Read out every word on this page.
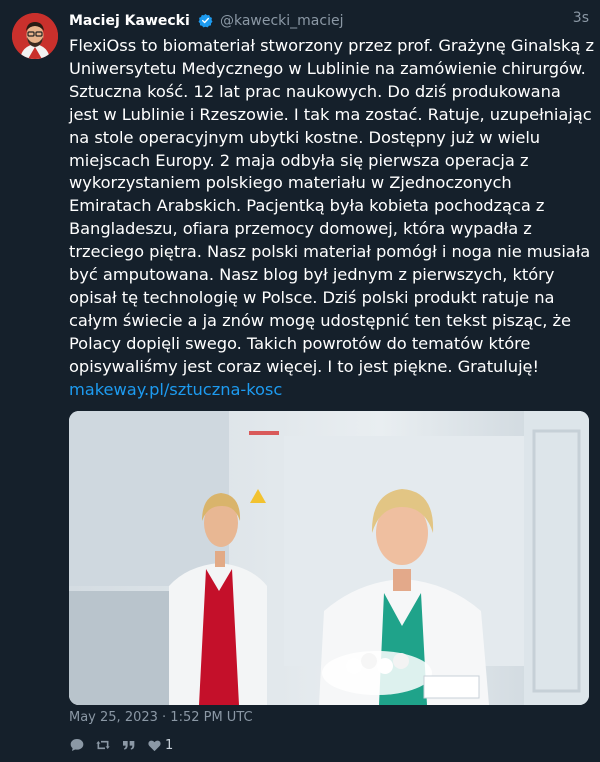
Maciej Kawecki @kawecki_maciej	3s
FlexiOss to biomateriał stworzony przez prof. Grażynę Ginalską z Uniwersytetu Medycznego w Lublinie na zamówienie chirurgów. Sztuczna kość. 12 lat prac naukowych. Do dziś produkowana jest w Lublinie i Rzeszowie. I tak ma zostać. Ratuje, uzupełniając na stole operacyjnym ubytki kostne. Dostępny już w wielu miejscach Europy. 2 maja odbyła się pierwsza operacja z wykorzystaniem polskiego materiału w Zjednoczonych Emiratach Arabskich. Pacjentką była kobieta pochodząca z Bangladeszu, ofiara przemocy domowej, która wypadła z trzeciego piętra. Nasz polski materiał pomógł i noga nie musiała być amputowana. Nasz blog był jednym z pierwszych, który opisał tę technologię w Polsce. Dziś polski produkt ratuje na całym świecie a ja znów mogę udostępnić ten tekst pisząc, że Polacy dopięli swego. Takich powrotów do tematów które opisywaliśmy jest coraz więcej. I to jest piękne. Gratuluję! makeway.pl/sztuczna-kosc
May 25, 2023 · 1:52 PM UTC
1
